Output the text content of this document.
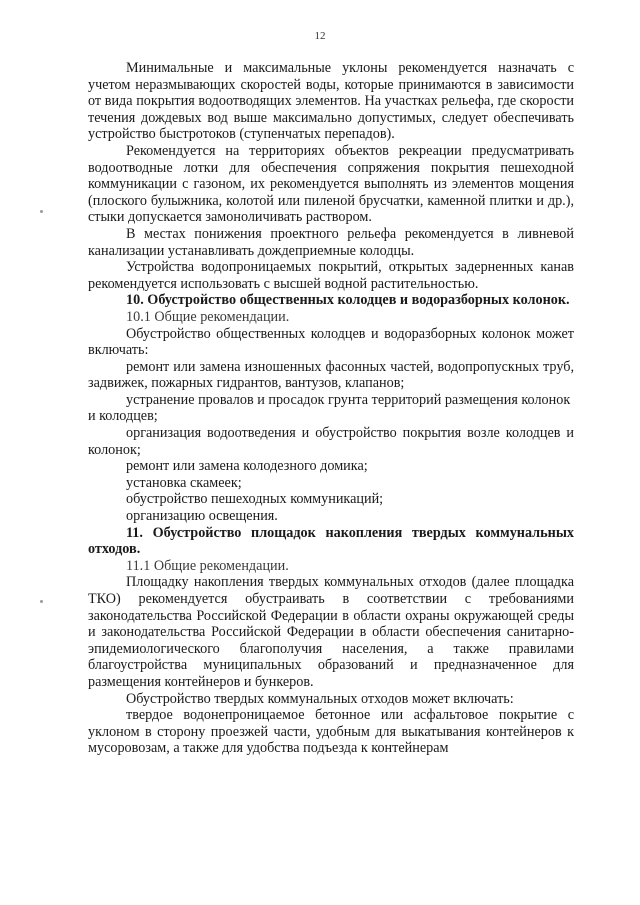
12

Минимальные и максимальные уклоны рекомендуется назначать с учетом неразмывающих скоростей воды, которые принимаются в зависимости от вида покрытия водоотводящих элементов. На участках рельефа, где скорости течения дождевых вод выше максимально допустимых, следует обеспечивать устройство быстротоков (ступенчатых перепадов).

Рекомендуется на территориях объектов рекреации предусматривать водоотводные лотки для обеспечения сопряжения покрытия пешеходной коммуникации с газоном, их рекомендуется выполнять из элементов мощения (плоского булыжника, колотой или пиленой брусчатки, каменной плитки и др.), стыки допускается замоноличивать раствором.

В местах понижения проектного рельефа рекомендуется в ливневой канализации устанавливать дождеприемные колодцы.

Устройства водопроницаемых покрытий, открытых задерненных канав рекомендуется использовать с высшей водной растительностью.

10. Обустройство общественных колодцев и водоразборных колонок.

10.1 Общие рекомендации.

Обустройство общественных колодцев и водоразборных колонок может включать:

ремонт или замена изношенных фасонных частей, водопропускных труб, задвижек, пожарных гидрантов, вантузов, клапанов;

устранение провалов и просадок грунта территорий размещения колонок

и колодцев;

организация водоотведения и обустройство покрытия возле колодцев и колонок;

ремонт или замена колодезного домика;

установка скамеек;

обустройство пешеходных коммуникаций;

организацию освещения.

11. Обустройство площадок накопления твердых коммунальных отходов.

11.1 Общие рекомендации.

Площадку накопления твердых коммунальных отходов (далее площадка ТКО) рекомендуется обустраивать в соответствии с требованиями законодательства Российской Федерации в области охраны окружающей среды и законодательства Российской Федерации в области обеспечения санитарно-эпидемиологического благополучия населения, а также правилами благоустройства муниципальных образований и предназначенное для размещения контейнеров и бункеров.

Обустройство твердых коммунальных отходов может включать:

твердое водонепроницаемое бетонное или асфальтовое покрытие с уклоном в сторону проезжей части, удобным для выкатывания контейнеров к мусоровозам, а также для удобства подъезда к контейнерам
